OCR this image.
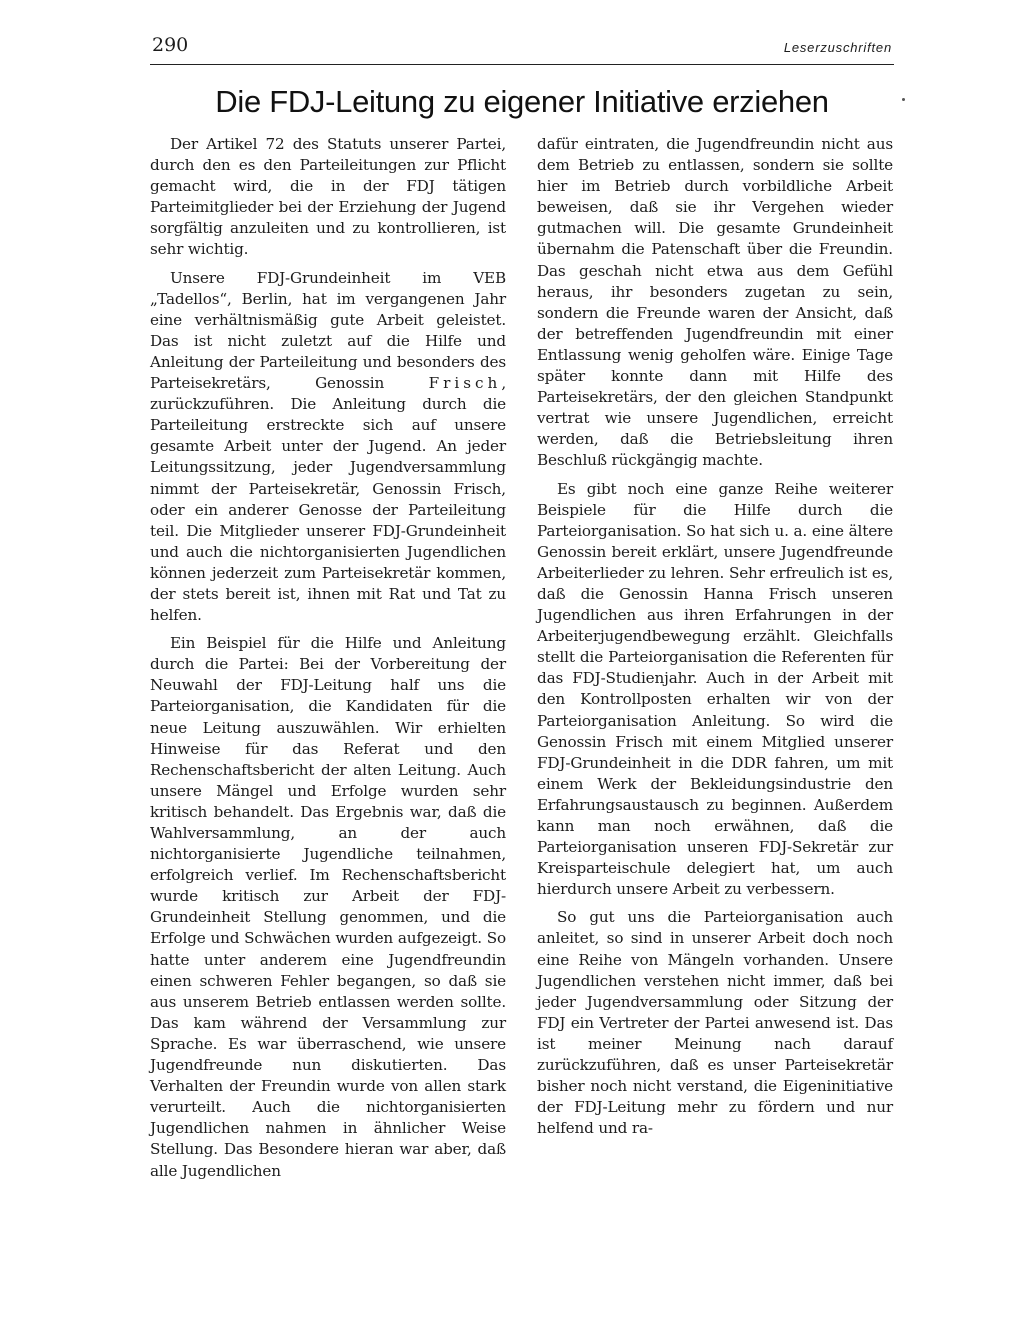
290	Leserzuschriften
Die FDJ-Leitung zu eigener Initiative erziehen

Der Artikel 72 des Statuts unserer Partei, durch den es den Parteileitungen zur Pflicht gemacht wird, die in der FDJ tätigen Parteimitglieder bei der Erziehung der Jugend sorgfältig anzuleiten und zu kontrollieren, ist sehr wichtig.

Unsere FDJ-Grundeinheit im VEB „Tadellos“, Berlin, hat im vergangenen Jahr eine verhältnismäßig gute Arbeit geleistet. Das ist nicht zuletzt auf die Hilfe und Anleitung der Parteileitung und besonders des Parteisekretärs, Genossin Frisch, zurückzuführen. Die Anleitung durch die Parteileitung erstreckte sich auf unsere gesamte Arbeit unter der Jugend. An jeder Leitungssitzung, jeder Jugendversammlung nimmt der Parteisekretär, Genossin Frisch, oder ein anderer Genosse der Parteileitung teil. Die Mitglieder unserer FDJ-Grundeinheit und auch die nichtorganisierten Jugendlichen können jederzeit zum Parteisekretär kommen, der stets bereit ist, ihnen mit Rat und Tat zu helfen.

Ein Beispiel für die Hilfe und Anleitung durch die Partei: Bei der Vorbereitung der Neuwahl der FDJ-Leitung half uns die Parteiorganisation, die Kandidaten für die neue Leitung auszuwählen. Wir erhielten Hinweise für das Referat und den Rechenschaftsbericht der alten Leitung. Auch unsere Mängel und Erfolge wurden sehr kritisch behandelt. Das Ergebnis war, daß die Wahlversammlung, an der auch nichtorganisierte Jugendliche teilnahmen, erfolgreich verlief. Im Rechenschaftsbericht wurde kritisch zur Arbeit der FDJ-Grundeinheit Stellung genommen, und die Erfolge und Schwächen wurden aufgezeigt. So hatte unter anderem eine Jugendfreundin einen schweren Fehler begangen, so daß sie aus unserem Betrieb entlassen werden sollte. Das kam während der Versammlung zur Sprache. Es war überraschend, wie unsere Jugendfreunde nun diskutierten. Das Verhalten der Freundin wurde von allen stark verurteilt. Auch die nichtorganisierten Jugendlichen nahmen in ähnlicher Weise Stellung. Das Besondere hieran war aber, daß alle Jugendlichen

dafür eintraten, die Jugendfreundin nicht aus dem Betrieb zu entlassen, sondern sie sollte hier im Betrieb durch vorbildliche Arbeit beweisen, daß sie ihr Vergehen wieder gutmachen will. Die gesamte Grundeinheit übernahm die Patenschaft über die Freundin. Das geschah nicht etwa aus dem Gefühl heraus, ihr besonders zugetan zu sein, sondern die Freunde waren der Ansicht, daß der betreffenden Jugendfreundin mit einer Entlassung wenig geholfen wäre. Einige Tage später konnte dann mit Hilfe des Parteisekretärs, der den gleichen Standpunkt vertrat wie unsere Jugendlichen, erreicht werden, daß die Betriebsleitung ihren Beschluß rückgängig machte.

Es gibt noch eine ganze Reihe weiterer Beispiele für die Hilfe durch die Parteiorganisation. So hat sich u. a. eine ältere Genossin bereit erklärt, unsere Jugendfreunde Arbeiterlieder zu lehren. Sehr erfreulich ist es, daß die Genossin Hanna Frisch unseren Jugendlichen aus ihren Erfahrungen in der Arbeiterjugendbewegung erzählt. Gleichfalls stellt die Parteiorganisation die Referenten für das FDJ-Studienjahr. Auch in der Arbeit mit den Kontrollposten erhalten wir von der Parteiorganisation Anleitung. So wird die Genossin Frisch mit einem Mitglied unserer FDJ-Grundeinheit in die DDR fahren, um mit einem Werk der Bekleidungsindustrie den Erfahrungsaustausch zu beginnen. Außerdem kann man noch erwähnen, daß die Parteiorganisation unseren FDJ-Sekretär zur Kreisparteischule delegiert hat, um auch hierdurch unsere Arbeit zu verbessern.

So gut uns die Parteiorganisation auch anleitet, so sind in unserer Arbeit doch noch eine Reihe von Mängeln vorhanden. Unsere Jugendlichen verstehen nicht immer, daß bei jeder Jugendversammlung oder Sitzung der FDJ ein Vertreter der Partei anwesend ist. Das ist meiner Meinung nach darauf zurückzuführen, daß es unser Parteisekretär bisher noch nicht verstand, die Eigeninitiative der FDJ-Leitung mehr zu fördern und nur helfend und ra-
